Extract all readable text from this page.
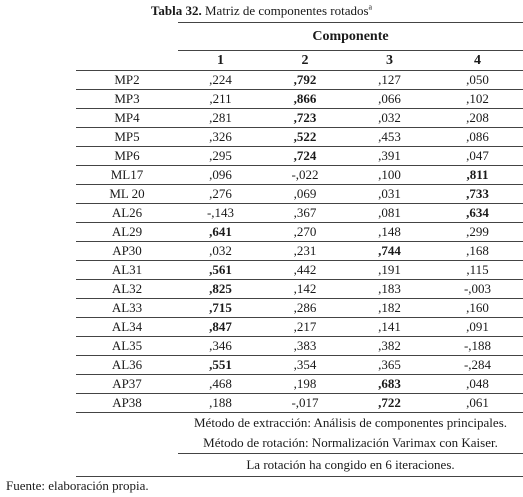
Tabla 32. Matriz de componentes rotados$^a$
	Componente			
	1	2	3	4
MP2	,224	,792	,127	,050
MP3	,211	,866	,066	,102
MP4	,281	,723	,032	,208
MP5	,326	,522	,453	,086
MP6	,295	,724	,391	,047
ML17	,096	-,022	,100	,811
ML 20	,276	,069	,031	,733
AL26	-,143	,367	,081	,634
AL29	,641	,270	,148	,299
AP30	,032	,231	,744	,168
AL31	,561	,442	,191	,115
AL32	,825	,142	,183	-,003
AL33	,715	,286	,182	,160
AL34	,847	,217	,141	,091
AL35	,346	,383	,382	-,188
AL36	,551	,354	,365	-,284
AP37	,468	,198	,683	,048
AP38	,188	-,017	,722	,061
	Método de extracción: Análisis de componentes principales.			
	Método de rotación: Normalización Varimax con Kaiser.			
	La rotación ha congido en 6 iteraciones.			
Fuente: elaboración propia.
